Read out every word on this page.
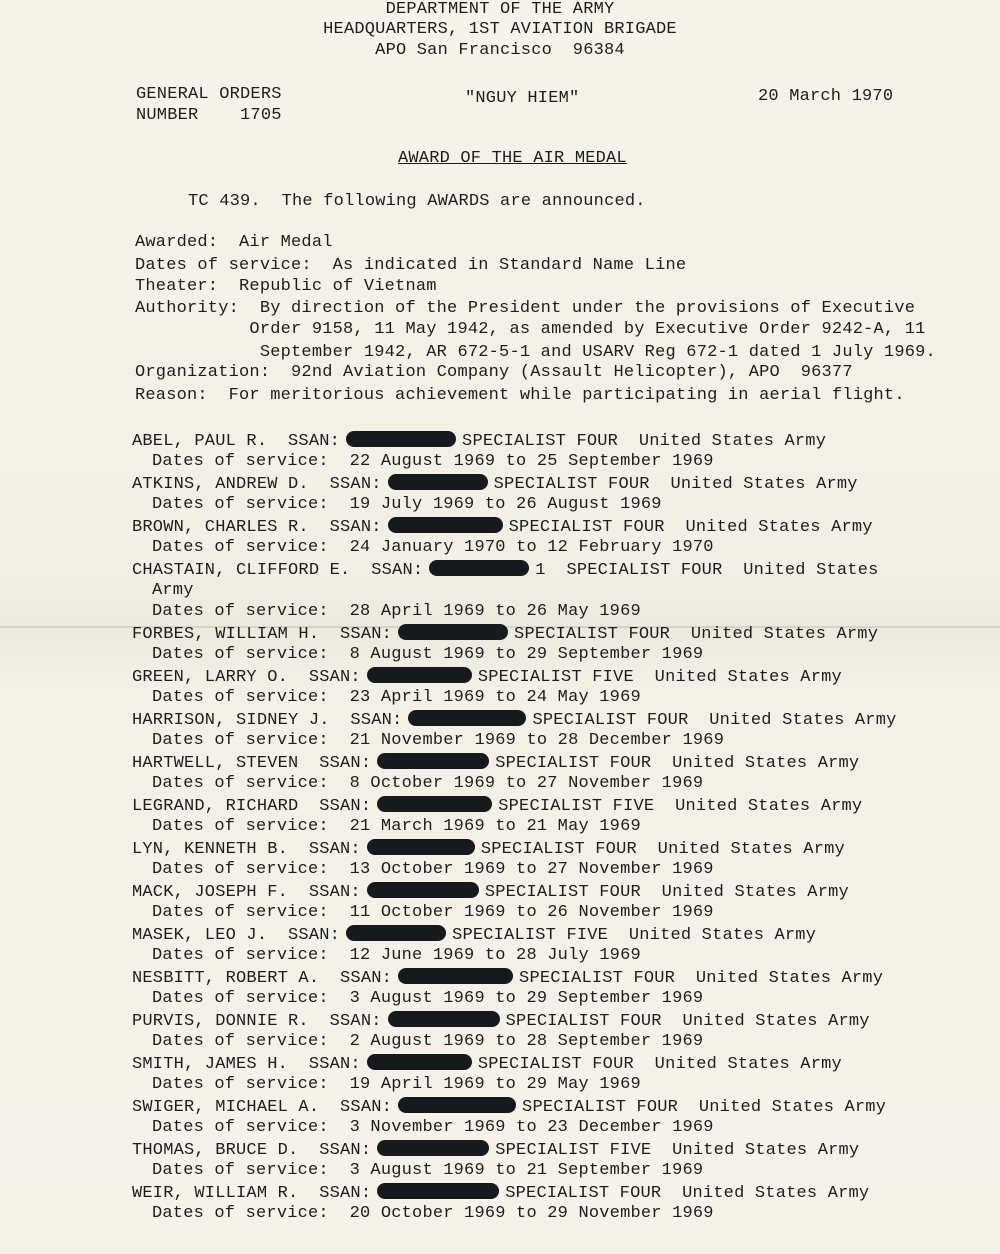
DEPARTMENT OF THE ARMY
HEADQUARTERS, 1ST AVIATION BRIGADE
APO San Francisco  96384
GENERAL ORDERS
NUMBER    1705
"NGUY HIEM"	20 March 1970
AWARD OF THE AIR MEDAL
TC 439.  The following AWARDS are announced.
Awarded:  Air Medal
Dates of service:  As indicated in Standard Name Line
Theater:  Republic of Vietnam
Authority:  By direction of the President under the provisions of Executive
Order 9158, 11 May 1942, as amended by Executive Order 9242-A, 11
September 1942, AR 672-5-1 and USARV Reg 672-1 dated 1 July 1969.
Organization:  92nd Aviation Company (Assault Helicopter), APO  96377
Reason:  For meritorious achievement while participating in aerial flight.
ABEL, PAUL R.  SSAN:	SPECIALIST FOUR  United States Army
Dates of service:  22 August 1969 to 25 September 1969
ATKINS, ANDREW D.  SSAN:	SPECIALIST FOUR  United States Army
Dates of service:  19 July 1969 to 26 August 1969
BROWN, CHARLES R.  SSAN:	SPECIALIST FOUR  United States Army
Dates of service:  24 January 1970 to 12 February 1970
CHASTAIN, CLIFFORD E.  SSAN:	1  SPECIALIST FOUR  United States
Army
Dates of service:  28 April 1969 to 26 May 1969
FORBES, WILLIAM H.  SSAN:	SPECIALIST FOUR  United States Army
Dates of service:  8 August 1969 to 29 September 1969
GREEN, LARRY O.  SSAN:	SPECIALIST FIVE  United States Army
Dates of service:  23 April 1969 to 24 May 1969
HARRISON, SIDNEY J.  SSAN:	SPECIALIST FOUR  United States Army
Dates of service:  21 November 1969 to 28 December 1969
HARTWELL, STEVEN  SSAN:	SPECIALIST FOUR  United States Army
Dates of service:  8 October 1969 to 27 November 1969
LEGRAND, RICHARD  SSAN:	SPECIALIST FIVE  United States Army
Dates of service:  21 March 1969 to 21 May 1969
LYN, KENNETH B.  SSAN:	SPECIALIST FOUR  United States Army
Dates of service:  13 October 1969 to 27 November 1969
MACK, JOSEPH F.  SSAN:	SPECIALIST FOUR  United States Army
Dates of service:  11 October 1969 to 26 November 1969
MASEK, LEO J.  SSAN:	SPECIALIST FIVE  United States Army
Dates of service:  12 June 1969 to 28 July 1969
NESBITT, ROBERT A.  SSAN:	SPECIALIST FOUR  United States Army
Dates of service:  3 August 1969 to 29 September 1969
PURVIS, DONNIE R.  SSAN:	SPECIALIST FOUR  United States Army
Dates of service:  2 August 1969 to 28 September 1969
SMITH, JAMES H.  SSAN:	SPECIALIST FOUR  United States Army
Dates of service:  19 April 1969 to 29 May 1969
SWIGER, MICHAEL A.  SSAN:	SPECIALIST FOUR  United States Army
Dates of service:  3 November 1969 to 23 December 1969
THOMAS, BRUCE D.  SSAN:	SPECIALIST FIVE  United States Army
Dates of service:  3 August 1969 to 21 September 1969
WEIR, WILLIAM R.  SSAN:	SPECIALIST FOUR  United States Army
Dates of service:  20 October 1969 to 29 November 1969
